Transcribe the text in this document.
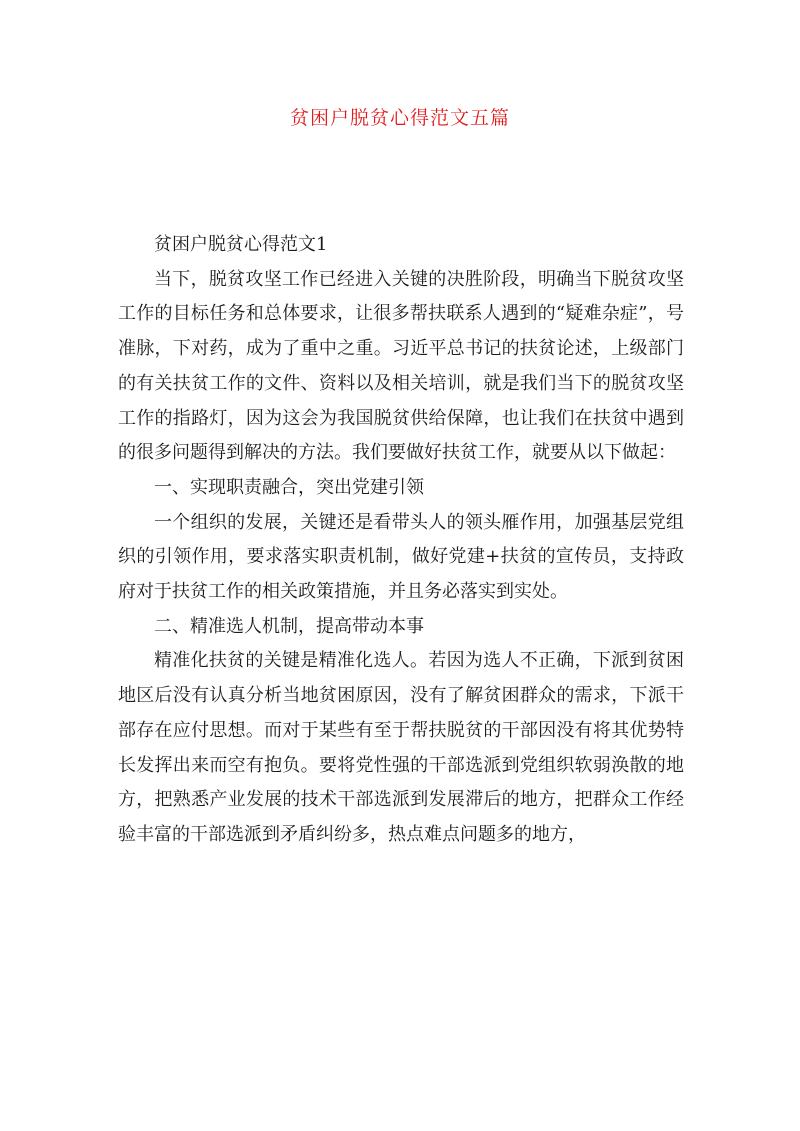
贫困户脱贫心得范文五篇

贫困户脱贫心得范文1

当下，脱贫攻坚工作已经进入关键的决胜阶段，明确当下脱贫攻坚工作的目标任务和总体要求，让很多帮扶联系人遇到的“疑难杂症”，号准脉，下对药，成为了重中之重。习近平总书记的扶贫论述，上级部门的有关扶贫工作的文件、资料以及相关培训，就是我们当下的脱贫攻坚工作的指路灯，因为这会为我国脱贫供给保障，也让我们在扶贫中遇到的很多问题得到解决的方法。我们要做好扶贫工作，就要从以下做起：

一、实现职责融合，突出党建引领

一个组织的发展，关键还是看带头人的领头雁作用，加强基层党组织的引领作用，要求落实职责机制，做好党建+扶贫的宣传员，支持政府对于扶贫工作的相关政策措施，并且务必落实到实处。

二、精准选人机制，提高带动本事

精准化扶贫的关键是精准化选人。若因为选人不正确，下派到贫困地区后没有认真分析当地贫困原因，没有了解贫困群众的需求，下派干部存在应付思想。而对于某些有至于帮扶脱贫的干部因没有将其优势特长发挥出来而空有抱负。要将党性强的干部选派到党组织软弱涣散的地方，把熟悉产业发展的技术干部选派到发展滞后的地方，把群众工作经验丰富的干部选派到矛盾纠纷多，热点难点问题多的地方，
